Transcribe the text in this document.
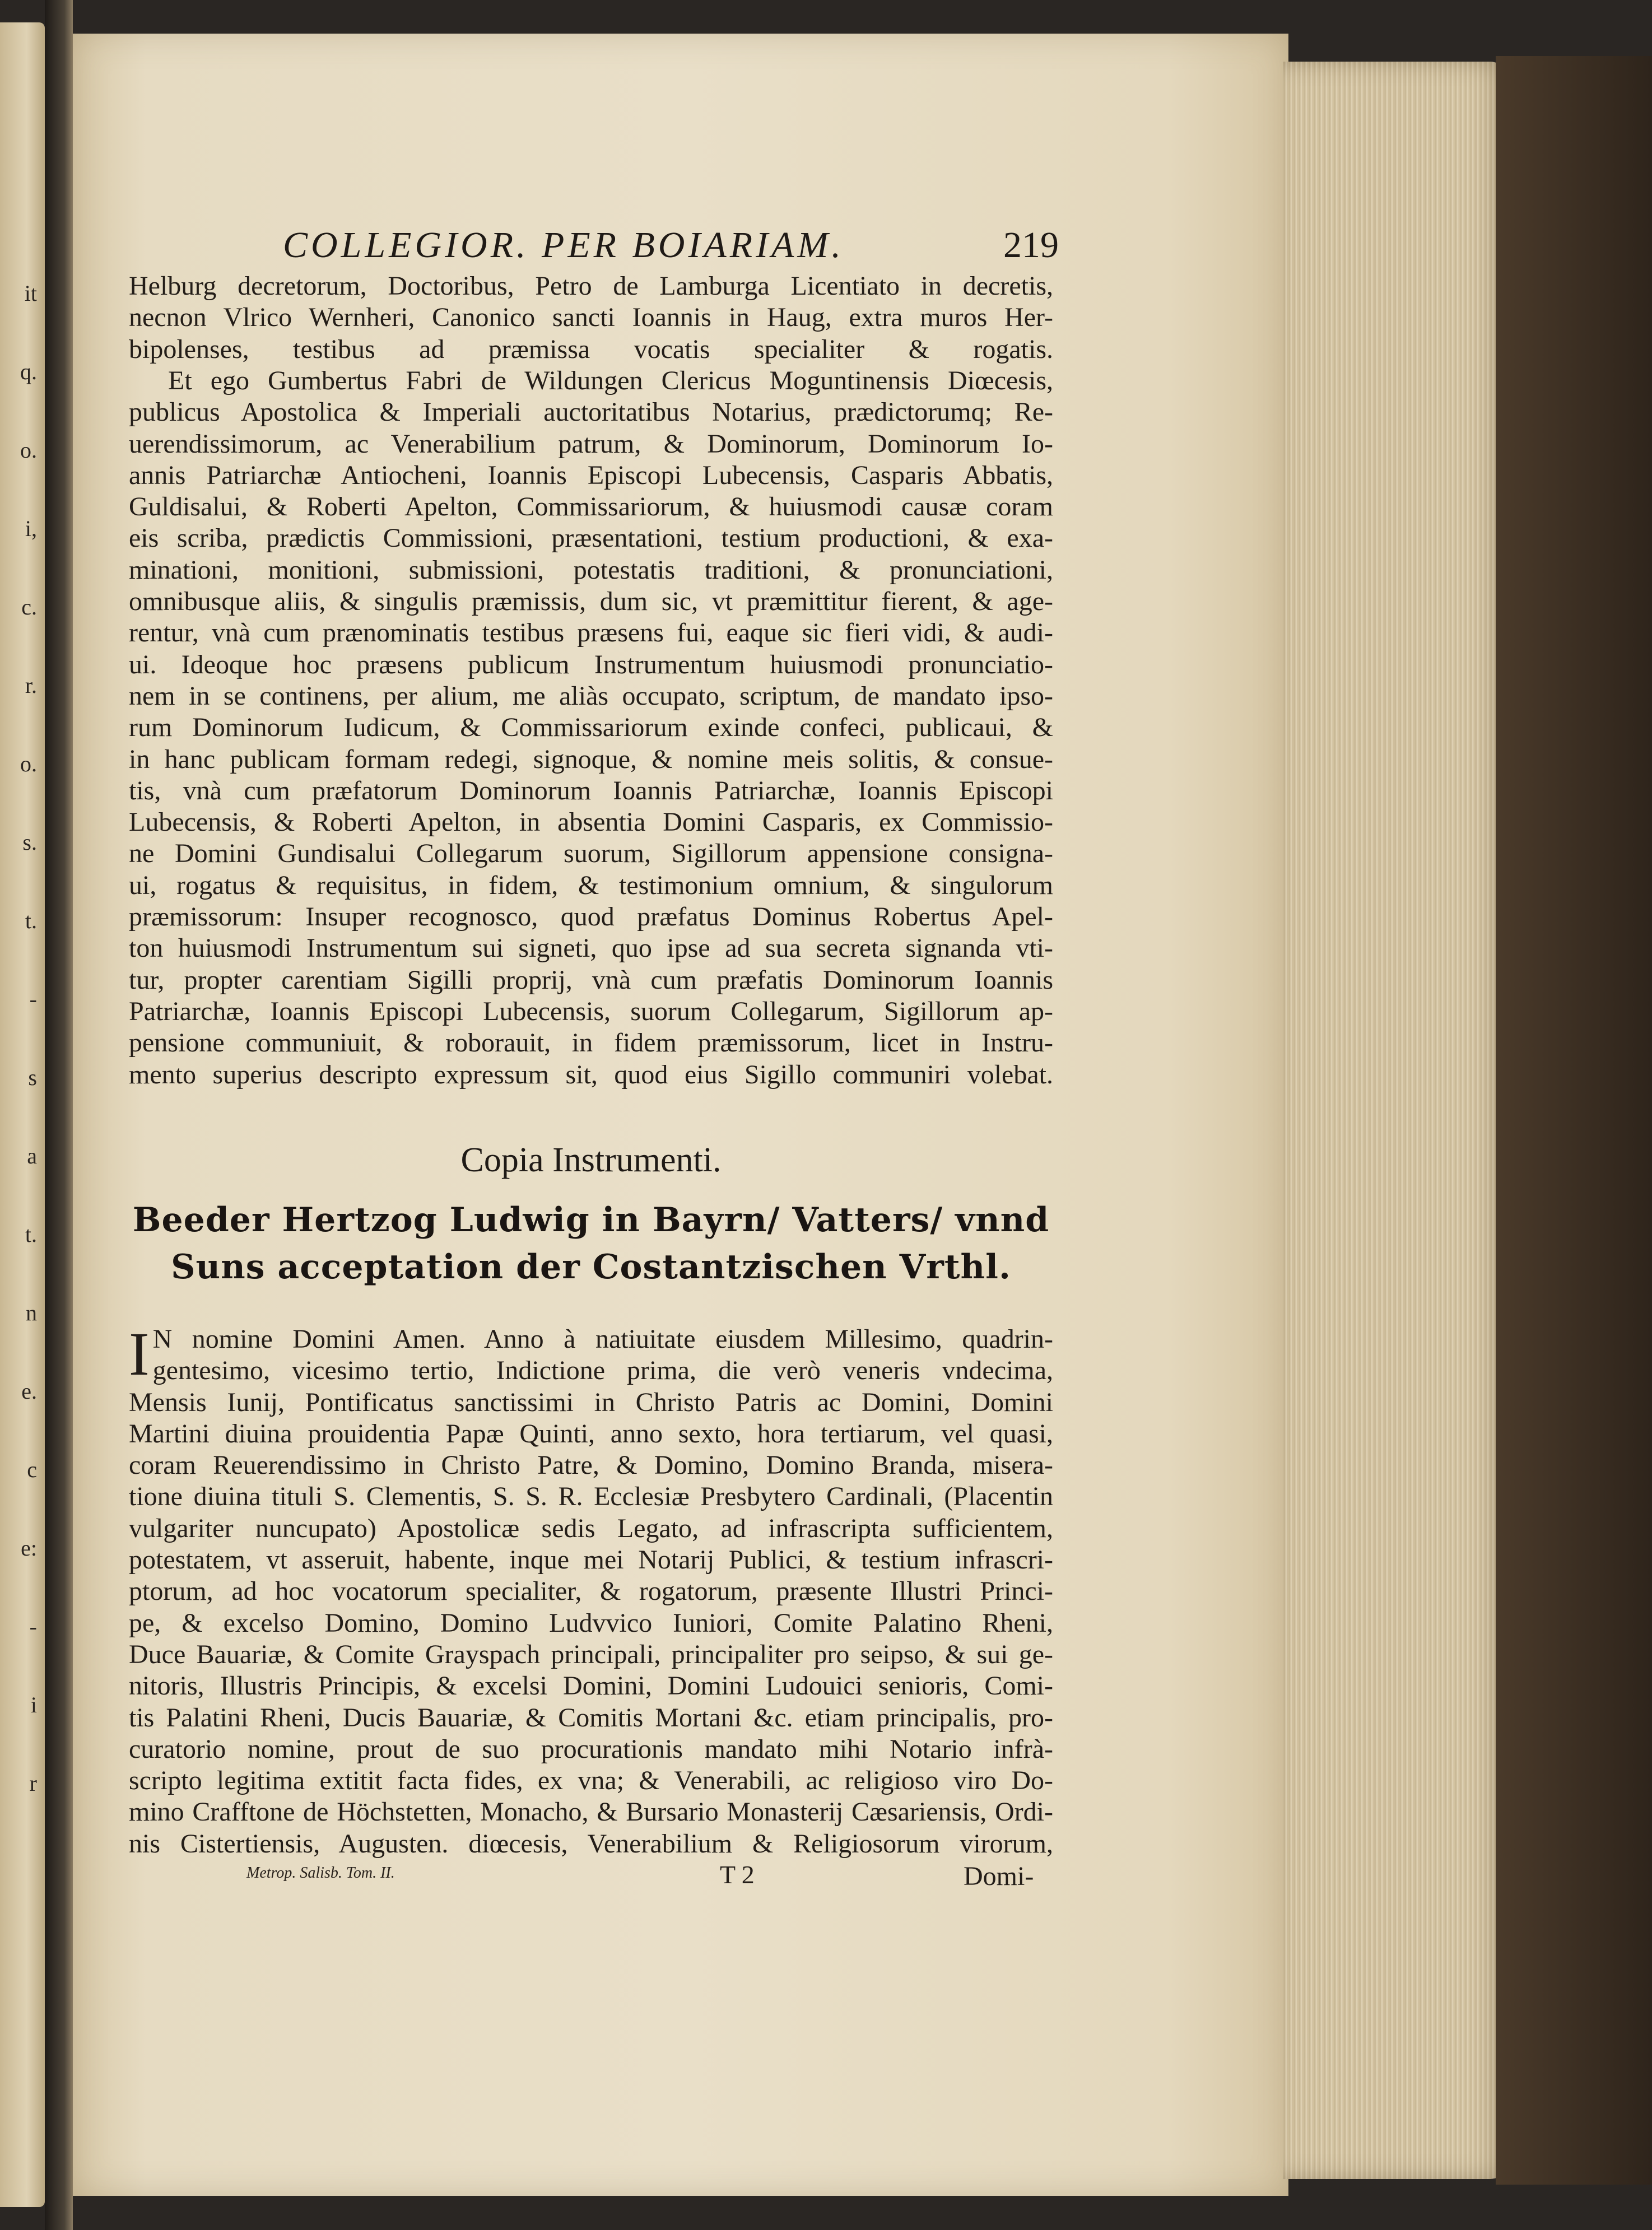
it
q.
o.
i,
c.
r.
o.
s.
t.
-
s
a
t.
n
e.
c
e:
-
i
r
COLLEGIOR. PER BOIARIAM.	219
Helburg decretorum, Doctoribus, Petro de Lamburga Licentiato in decretis,
necnon Vlrico Wernheri, Canonico sancti Ioannis in Haug, extra muros Her-
bipolenses, testibus ad præmissa vocatis specialiter & rogatis.
Et ego Gumbertus Fabri de Wildungen Clericus Moguntinensis Diœcesis,
publicus Apostolica & Imperiali auctoritatibus Notarius, prædictorumq; Re-
uerendissimorum, ac Venerabilium patrum, & Dominorum, Dominorum Io-
annis Patriarchæ Antiocheni, Ioannis Episcopi Lubecensis, Casparis Abbatis,
Guldisalui, & Roberti Apelton, Commissariorum, & huiusmodi causæ coram
eis scriba, prædictis Commissioni, præsentationi, testium productioni, & exa-
minationi, monitioni, submissioni, potestatis traditioni, & pronunciationi,
omnibusque aliis, & singulis præmissis, dum sic, vt præmittitur fierent, & age-
rentur, vnà cum prænominatis testibus præsens fui, eaque sic fieri vidi, & audi-
ui. Ideoque hoc præsens publicum Instrumentum huiusmodi pronunciatio-
nem in se continens, per alium, me aliàs occupato, scriptum, de mandato ipso-
rum Dominorum Iudicum, & Commissariorum exinde confeci, publicaui, &
in hanc publicam formam redegi, signoque, & nomine meis solitis, & consue-
tis, vnà cum præfatorum Dominorum Ioannis Patriarchæ, Ioannis Episcopi
Lubecensis, & Roberti Apelton, in absentia Domini Casparis, ex Commissio-
ne Domini Gundisalui Collegarum suorum, Sigillorum appensione consigna-
ui, rogatus & requisitus, in fidem, & testimonium omnium, & singulorum
præmissorum: Insuper recognosco, quod præfatus Dominus Robertus Apel-
ton huiusmodi Instrumentum sui signeti, quo ipse ad sua secreta signanda vti-
tur, propter carentiam Sigilli proprij, vnà cum præfatis Dominorum Ioannis
Patriarchæ, Ioannis Episcopi Lubecensis, suorum Collegarum, Sigillorum ap-
pensione communiuit, & roborauit, in fidem præmissorum, licet in Instru-
mento superius descripto expressum sit, quod eius Sigillo communiri volebat.
Copia Instrumenti.
Beeder Hertzog Ludwig in Bayrn/ Vatters/ vnnd
Suns acceptation der Costantzischen Vrthl.
I N nomine Domini Amen. Anno à natiuitate eiusdem Millesimo, quadrin-
gentesimo, vicesimo tertio, Indictione prima, die verò veneris vndecima,
Mensis Iunij, Pontificatus sanctissimi in Christo Patris ac Domini, Domini
Martini diuina prouidentia Papæ Quinti, anno sexto, hora tertiarum, vel quasi,
coram Reuerendissimo in Christo Patre, & Domino, Domino Branda, misera-
tione diuina tituli S. Clementis, S. S. R. Ecclesiæ Presbytero Cardinali, (Placentin
vulgariter nuncupato) Apostolicæ sedis Legato, ad infrascripta sufficientem,
potestatem, vt asseruit, habente, inque mei Notarij Publici, & testium infrascri-
ptorum, ad hoc vocatorum specialiter, & rogatorum, præsente Illustri Princi-
pe, & excelso Domino, Domino Ludvvico Iuniori, Comite Palatino Rheni,
Duce Bauariæ, & Comite Grayspach principali, principaliter pro seipso, & sui ge-
nitoris, Illustris Principis, & excelsi Domini, Domini Ludouici senioris, Comi-
tis Palatini Rheni, Ducis Bauariæ, & Comitis Mortani &c. etiam principalis, pro-
curatorio nomine, prout de suo procurationis mandato mihi Notario infrà-
scripto legitima extitit facta fides, ex vna; & Venerabili, ac religioso viro Do-
mino Crafftone de Höchstetten, Monacho, & Bursario Monasterij Cæsariensis, Ordi-
nis Cistertiensis, Augusten. diœcesis, Venerabilium & Religiosorum virorum,
Metrop. Salisb. Tom. II.	T 2	Domi-
